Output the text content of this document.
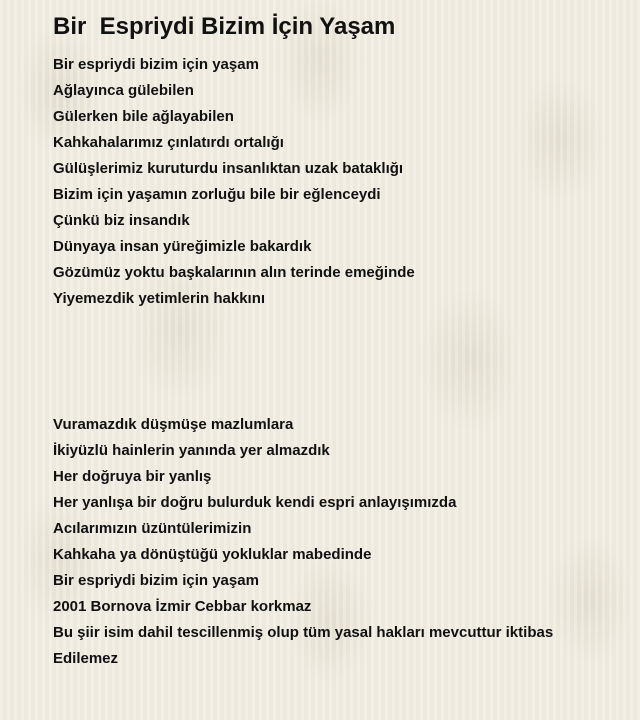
Bir  Espriydi Bizim İçin Yaşam
Bir espriydi bizim için yaşam
Ağlayınca gülebilen
Gülerken bile ağlayabilen
Kahkahalarımız çınlatırdı ortalığı
Gülüşlerimiz kuruturdu insanlıktan uzak bataklığı
Bizim için yaşamın zorluğu bile bir eğlenceydi
Çünkü biz insandık
Dünyaya insan yüreğimizle bakardık
Gözümüz yoktu başkalarının alın terinde emeğinde
Yiyemezdik yetimlerin hakkını
Vuramazdık düşmüşe mazlumlara
İkiyüzlü hainlerin yanında yer almazdık
Her doğruya bir yanlış
Her yanlışa bir doğru bulurduk kendi espri anlayışımızda
Acılarımızın üzüntülerimizin
Kahkaha ya dönüştüğü yokluklar mabedinde
Bir espriydi bizim için yaşam
2001 Bornova İzmir Cebbar korkmaz
Bu şiir isim dahil tescillenmiş olup tüm yasal hakları mevcuttur iktibas
Edilemez
